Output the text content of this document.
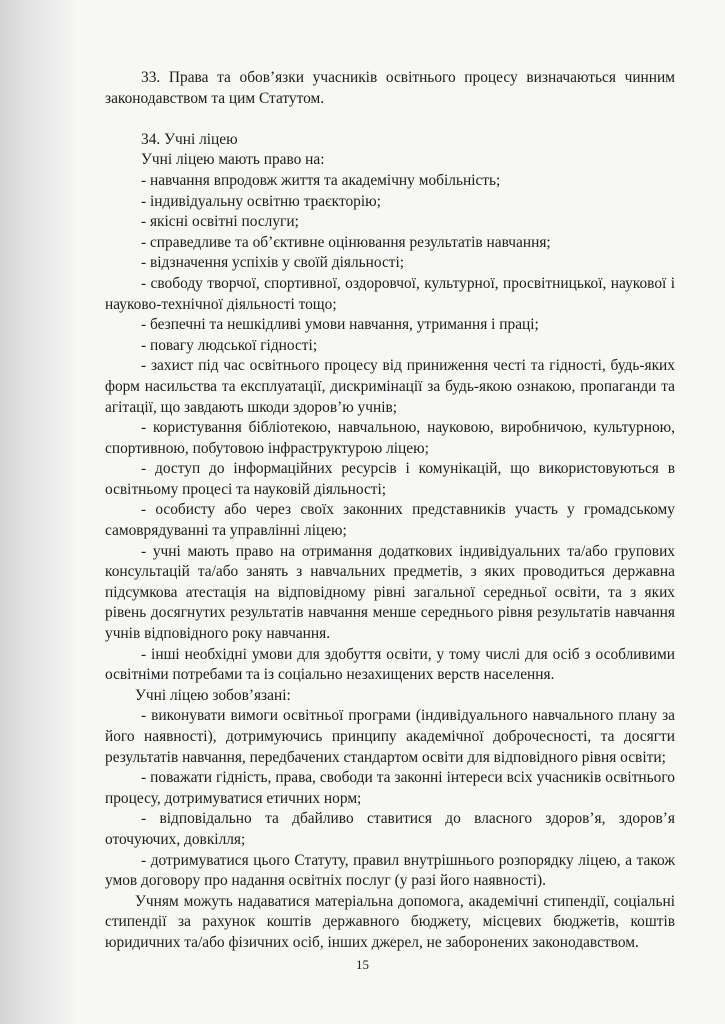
33. Права та обов’язки учасників освітнього процесу визначаються чинним законодавством та цим Статутом.

34. Учні ліцею

Учні ліцею мають право на:

- навчання впродовж життя та академічну мобільність;

- індивідуальну освітню траєкторію;

- якісні освітні послуги;

- справедливе та об’єктивне оцінювання результатів навчання;

- відзначення успіхів у своїй діяльності;

- свободу творчої, спортивної, оздоровчої, культурної, просвітницької, наукової і науково-технічної діяльності тощо;

- безпечні та нешкідливі умови навчання, утримання і праці;

- повагу людської гідності;

- захист під час освітнього процесу від приниження честі та гідності, будь-яких форм насильства та експлуатації, дискримінації за будь-якою ознакою, пропаганди та агітації, що завдають шкоди здоров’ю учнів;

- користування бібліотекою, навчальною, науковою, виробничою, культурною, спортивною, побутовою інфраструктурою ліцею;

- доступ до інформаційних ресурсів і комунікацій, що використовуються в освітньому процесі та науковій діяльності;

- особисту або через своїх законних представників участь у громадському самоврядуванні та управлінні ліцею;

- учні мають право на отримання додаткових індивідуальних та/або групових консультацій та/або занять з навчальних предметів, з яких проводиться державна підсумкова атестація на відповідному рівні загальної середньої освіти, та з яких рівень досягнутих результатів навчання менше середнього рівня результатів навчання учнів відповідного року навчання.

- інші необхідні умови для здобуття освіти, у тому числі для осіб з особливими освітніми потребами та із соціально незахищених верств населення.

Учні ліцею зобов’язані:

- виконувати вимоги освітньої програми (індивідуального навчального плану за його наявності), дотримуючись принципу академічної доброчесності, та досягти результатів навчання, передбачених стандартом освіти для відповідного рівня освіти;

- поважати гідність, права, свободи та законні інтереси всіх учасників освітнього процесу, дотримуватися етичних норм;

- відповідально та дбайливо ставитися до власного здоров’я, здоров’я оточуючих, довкілля;

- дотримуватися цього Статуту, правил внутрішнього розпорядку ліцею, а також умов договору про надання освітніх послуг (у разі його наявності).

Учням можуть надаватися матеріальна допомога, академічні стипендії, соціальні стипендії за рахунок коштів державного бюджету, місцевих бюджетів, коштів юридичних та/або фізичних осіб, інших джерел, не заборонених законодавством.

15
